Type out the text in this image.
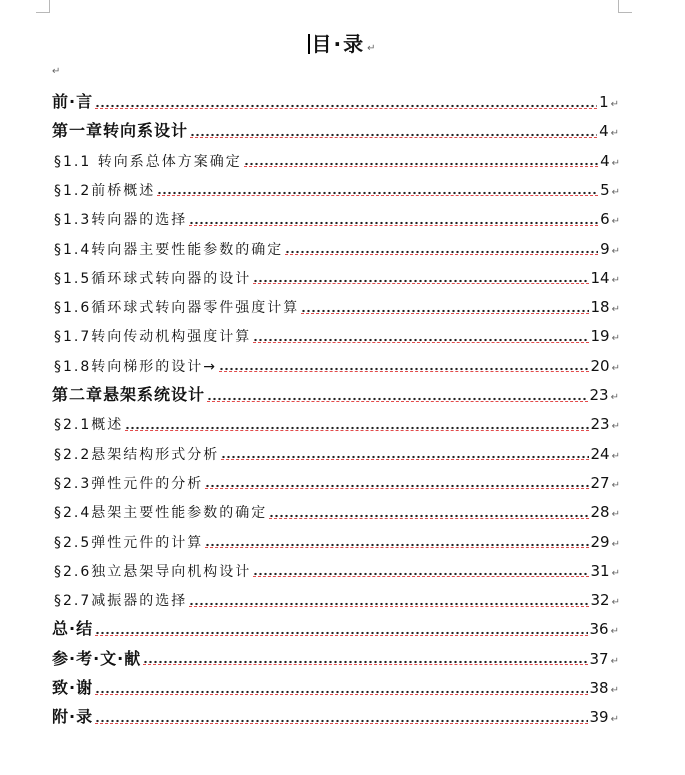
目·录 ↵
↵
前·言	1 ↵
第一章转向系设计	4 ↵
§1.1 转向系总体方案确定	4 ↵
§1.2前桥概述	5 ↵
§1.3转向器的选择	6 ↵
§1.4转向器主要性能参数的确定	9 ↵
§1.5循环球式转向器的设计	14 ↵
§1.6循环球式转向器零件强度计算	18 ↵
§1.7转向传动机构强度计算	19 ↵
§1.8转向梯形的设计→	20 ↵
第二章悬架系统设计	23 ↵
§2.1概述	23 ↵
§2.2悬架结构形式分析	24 ↵
§2.3弹性元件的分析	27 ↵
§2.4悬架主要性能参数的确定	28 ↵
§2.5弹性元件的计算	29 ↵
§2.6独立悬架导向机构设计	31 ↵
§2.7减振器的选择	32 ↵
总·结	36 ↵
参·考·文·献	37 ↵
致·谢	38 ↵
附·录	39 ↵
